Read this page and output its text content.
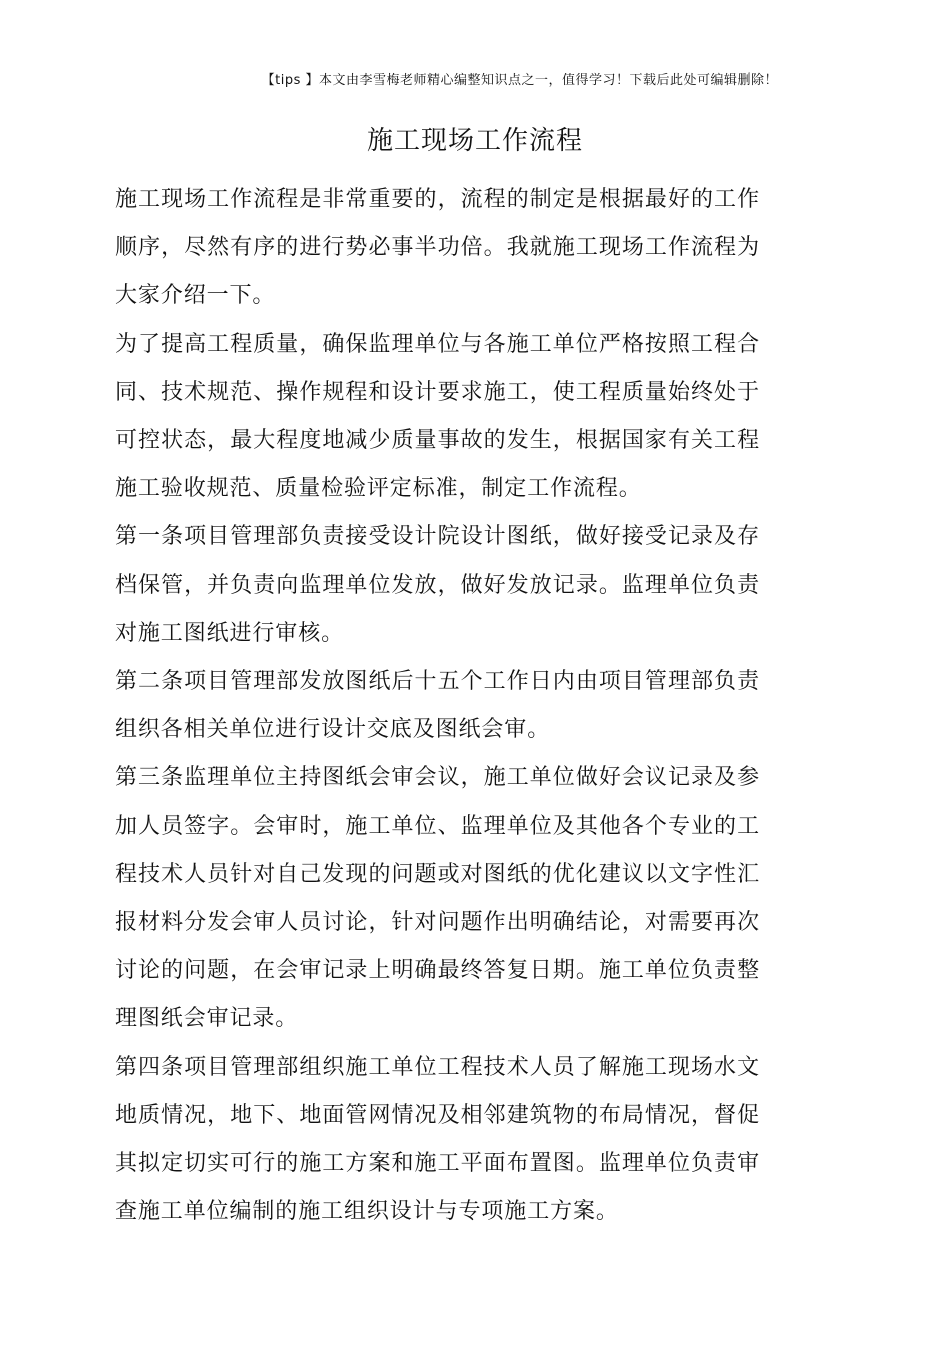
【tips 】本文由李雪梅老师精心编整知识点之一，值得学习！下载后此处可编辑删除！
施工现场工作流程

施工现场工作流程是非常重要的，流程的制定是根据最好的工作顺序，尽然有序的进行势必事半功倍。我就施工现场工作流程为大家介绍一下。

为了提高工程质量，确保监理单位与各施工单位严格按照工程合同、技术规范、操作规程和设计要求施工，使工程质量始终处于可控状态，最大程度地减少质量事故的发生，根据国家有关工程施工验收规范、质量检验评定标准，制定工作流程。

第一条项目管理部负责接受设计院设计图纸，做好接受记录及存档保管，并负责向监理单位发放，做好发放记录。监理单位负责对施工图纸进行审核。

第二条项目管理部发放图纸后十五个工作日内由项目管理部负责组织各相关单位进行设计交底及图纸会审。

第三条监理单位主持图纸会审会议，施工单位做好会议记录及参加人员签字。会审时，施工单位、监理单位及其他各个专业的工程技术人员针对自己发现的问题或对图纸的优化建议以文字性汇报材料分发会审人员讨论，针对问题作出明确结论，对需要再次讨论的问题，在会审记录上明确最终答复日期。施工单位负责整理图纸会审记录。

第四条项目管理部组织施工单位工程技术人员了解施工现场水文地质情况，地下、地面管网情况及相邻建筑物的布局情况，督促其拟定切实可行的施工方案和施工平面布置图。监理单位负责审查施工单位编制的施工组织设计与专项施工方案。
